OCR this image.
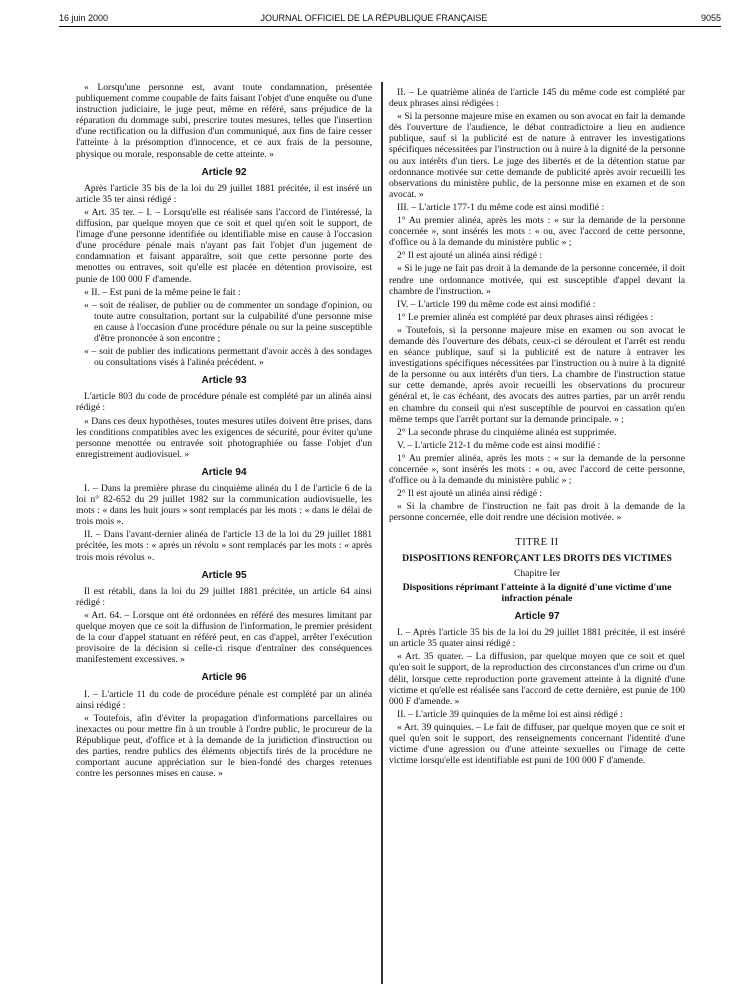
16 juin 2000	JOURNAL OFFICIEL DE LA RÉPUBLIQUE FRANÇAISE	9055

« Lorsqu'une personne est, avant toute condamnation, présentée publiquement comme coupable de faits faisant l'objet d'une enquête ou d'une instruction judiciaire, le juge peut, même en référé, sans préjudice de la réparation du dommage subi, prescrire toutes mesures, telles que l'insertion d'une rectification ou la diffusion d'un communiqué, aux fins de faire cesser l'atteinte à la présomption d'innocence, et ce aux frais de la personne, physique ou morale, responsable de cette atteinte. »

Article 92

Après l'article 35 bis de la loi du 29 juillet 1881 précitée, il est inséré un article 35 ter ainsi rédigé :

« Art. 35 ter. – I. – Lorsqu'elle est réalisée sans l'accord de l'intéressé, la diffusion, par quelque moyen que ce soit et quel qu'en soit le support, de l'image d'une personne identifiée ou identifiable mise en cause à l'occasion d'une procédure pénale mais n'ayant pas fait l'objet d'un jugement de condamnation et faisant apparaître, soit que cette personne porte des menottes ou entraves, soit qu'elle est placée en détention provisoire, est punie de 100 000 F d'amende.

« II. – Est puni de la même peine le fait :

« – soit de réaliser, de publier ou de commenter un sondage d'opinion, ou toute autre consultation, portant sur la culpabilité d'une personne mise en cause à l'occasion d'une procédure pénale ou sur la peine susceptible d'être prononcée à son encontre ;

« – soit de publier des indications permettant d'avoir accès à des sondages ou consultations visés à l'alinéa précédent. »

Article 93

L'article 803 du code de procédure pénale est complété par un alinéa ainsi rédigé :

« Dans ces deux hypothèses, toutes mesures utiles doivent être prises, dans les conditions compatibles avec les exigences de sécurité, pour éviter qu'une personne menottée ou entravée soit photographiée ou fasse l'objet d'un enregistrement audiovisuel. »

Article 94

I. – Dans la première phrase du cinquième alinéa du I de l'article 6 de la loi n° 82-652 du 29 juillet 1982 sur la communication audiovisuelle, les mots : « dans les huit jours » sont remplacés par les mots : « dans le délai de trois mois ».

II. – Dans l'avant-dernier alinéa de l'article 13 de la loi du 29 juillet 1881 précitée, les mots : « après un révolu » sont remplacés par les mots : « après trois mois révolus ».

Article 95

Il est rétabli, dans la loi du 29 juillet 1881 précitée, un article 64 ainsi rédigé :

« Art. 64. – Lorsque ont été ordonnées en référé des mesures limitant par quelque moyen que ce soit la diffusion de l'information, le premier président de la cour d'appel statuant en référé peut, en cas d'appel, arrêter l'exécution provisoire de la décision si celle-ci risque d'entraîner des conséquences manifestement excessives. »

Article 96

I. – L'article 11 du code de procédure pénale est complété par un alinéa ainsi rédigé :

« Toutefois, afin d'éviter la propagation d'informations parcellaires ou inexactes ou pour mettre fin à un trouble à l'ordre public, le procureur de la République peut, d'office et à la demande de la juridiction d'instruction ou des parties, rendre publics des éléments objectifs tirés de la procédure ne comportant aucune appréciation sur le bien-fondé des charges retenues contre les personnes mises en cause. »

II. – Le quatrième alinéa de l'article 145 du même code est complété par deux phrases ainsi rédigées :

« Si la personne majeure mise en examen ou son avocat en fait la demande dès l'ouverture de l'audience, le débat contradictoire a lieu en audience publique, sauf si la publicité est de nature à entraver les investigations spécifiques nécessitées par l'instruction ou à nuire à la dignité de la personne ou aux intérêts d'un tiers. Le juge des libertés et de la détention statue par ordonnance motivée sur cette demande de publicité après avoir recueilli les observations du ministère public, de la personne mise en examen et de son avocat. »

III. – L'article 177-1 du même code est ainsi modifié :

1° Au premier alinéa, après les mots : « sur la demande de la personne concernée », sont insérés les mots : « ou, avec l'accord de cette personne, d'office ou à la demande du ministère public » ;

2° Il est ajouté un alinéa ainsi rédigé :

« Si le juge ne fait pas droit à la demande de la personne concernée, il doit rendre une ordonnance motivée, qui est susceptible d'appel devant la chambre de l'instruction. »

IV. – L'article 199 du même code est ainsi modifié :

1° Le premier alinéa est complété par deux phrases ainsi rédigées :

« Toutefois, si la personne majeure mise en examen ou son avocat le demande dès l'ouverture des débats, ceux-ci se déroulent et l'arrêt est rendu en séance publique, sauf si la publicité est de nature à entraver les investigations spécifiques nécessitées par l'instruction ou à nuire à la dignité de la personne ou aux intérêts d'un tiers. La chambre de l'instruction statue sur cette demande, après avoir recueilli les observations du procureur général et, le cas échéant, des avocats des autres parties, par un arrêt rendu en chambre du conseil qui n'est susceptible de pourvoi en cassation qu'en même temps que l'arrêt portant sur la demande principale. » ;

2° La seconde phrase du cinquième alinéa est supprimée.

V. – L'article 212-1 du même code est ainsi modifié :

1° Au premier alinéa, après les mots : « sur la demande de la personne concernée », sont insérés les mots : « ou, avec l'accord de cette personne, d'office ou à la demande du ministère public » ;

2° Il est ajouté un alinéa ainsi rédigé :

« Si la chambre de l'instruction ne fait pas droit à la demande de la personne concernée, elle doit rendre une décision motivée. »

TITRE II
DISPOSITIONS RENFORÇANT LES DROITS DES VICTIMES
Chapitre Ier
Dispositions réprimant l'atteinte à la dignité d'une victime d'une infraction pénale
Article 97

I. – Après l'article 35 bis de la loi du 29 juillet 1881 précitée, il est inséré un article 35 quater ainsi rédigé :

« Art. 35 quater. – La diffusion, par quelque moyen que ce soit et quel qu'en soit le support, de la reproduction des circonstances d'un crime ou d'un délit, lorsque cette reproduction porte gravement atteinte à la dignité d'une victime et qu'elle est réalisée sans l'accord de cette dernière, est punie de 100 000 F d'amende. »

II. – L'article 39 quinquies de la même loi est ainsi rédigé :

« Art. 39 quinquies. – Le fait de diffuser, par quelque moyen que ce soit et quel qu'en soit le support, des renseignements concernant l'identité d'une victime d'une agression ou d'une atteinte sexuelles ou l'image de cette victime lorsqu'elle est identifiable est puni de 100 000 F d'amende.
